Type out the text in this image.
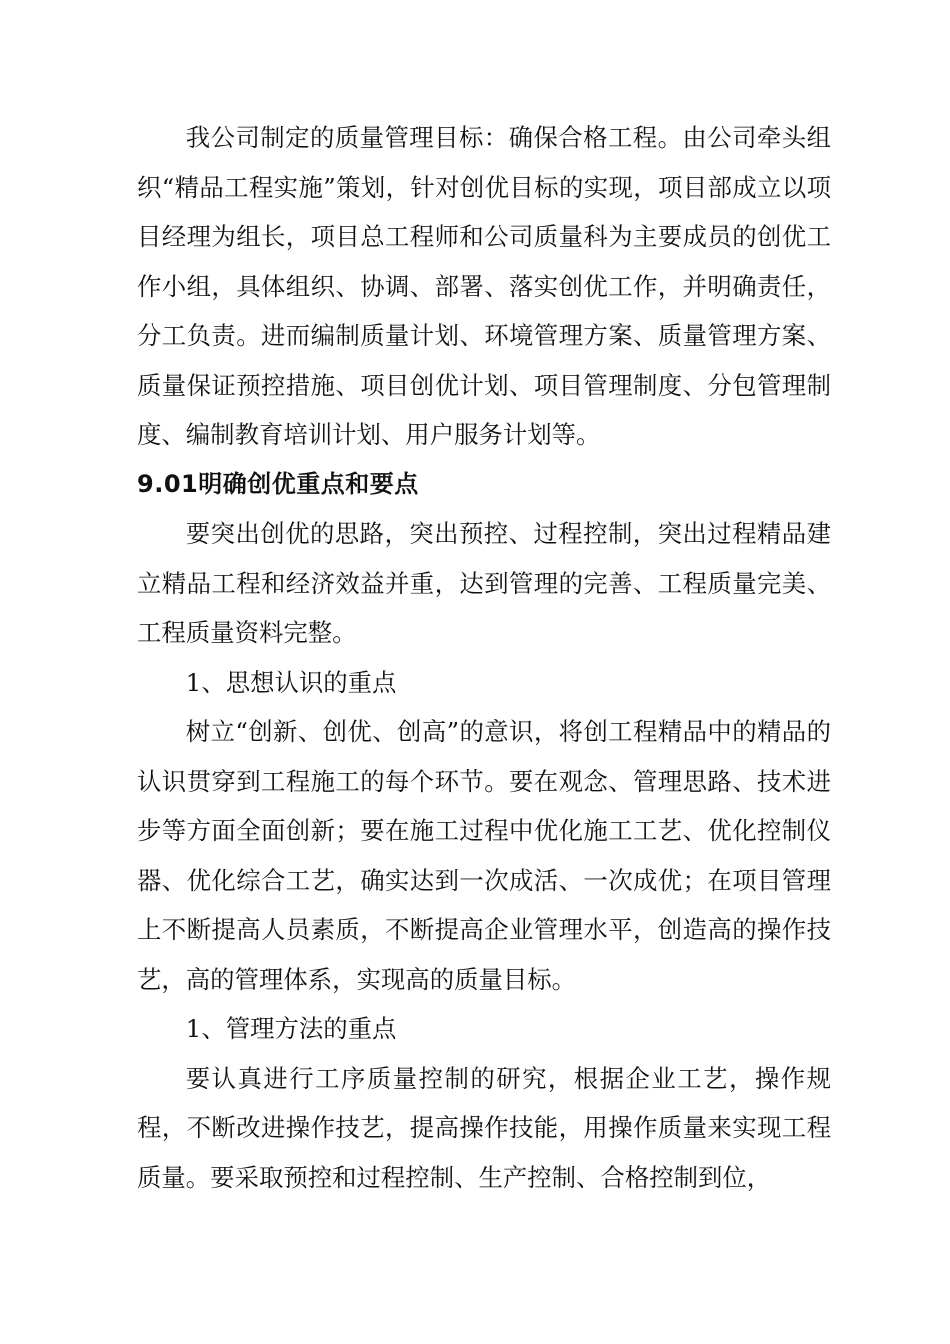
我公司制定的质量管理目标：确保合格工程。由公司牵头组织“精品工程实施”策划，针对创优目标的实现，项目部成立以项目经理为组长，项目总工程师和公司质量科为主要成员的创优工作小组，具体组织、协调、部署、落实创优工作，并明确责任，分工负责。进而编制质量计划、环境管理方案、质量管理方案、质量保证预控措施、项目创优计划、项目管理制度、分包管理制度、编制教育培训计划、用户服务计划等。

9.01明确创优重点和要点

要突出创优的思路，突出预控、过程控制，突出过程精品建立精品工程和经济效益并重，达到管理的完善、工程质量完美、工程质量资料完整。

1、思想认识的重点

树立“创新、创优、创高”的意识，将创工程精品中的精品的认识贯穿到工程施工的每个环节。要在观念、管理思路、技术进步等方面全面创新；要在施工过程中优化施工工艺、优化控制仪器、优化综合工艺，确实达到一次成活、一次成优；在项目管理上不断提高人员素质，不断提高企业管理水平，创造高的操作技艺，高的管理体系，实现高的质量目标。

1、管理方法的重点

要认真进行工序质量控制的研究，根据企业工艺，操作规程，不断改进操作技艺，提高操作技能，用操作质量来实现工程质量。要采取预控和过程控制、生产控制、合格控制到位，
